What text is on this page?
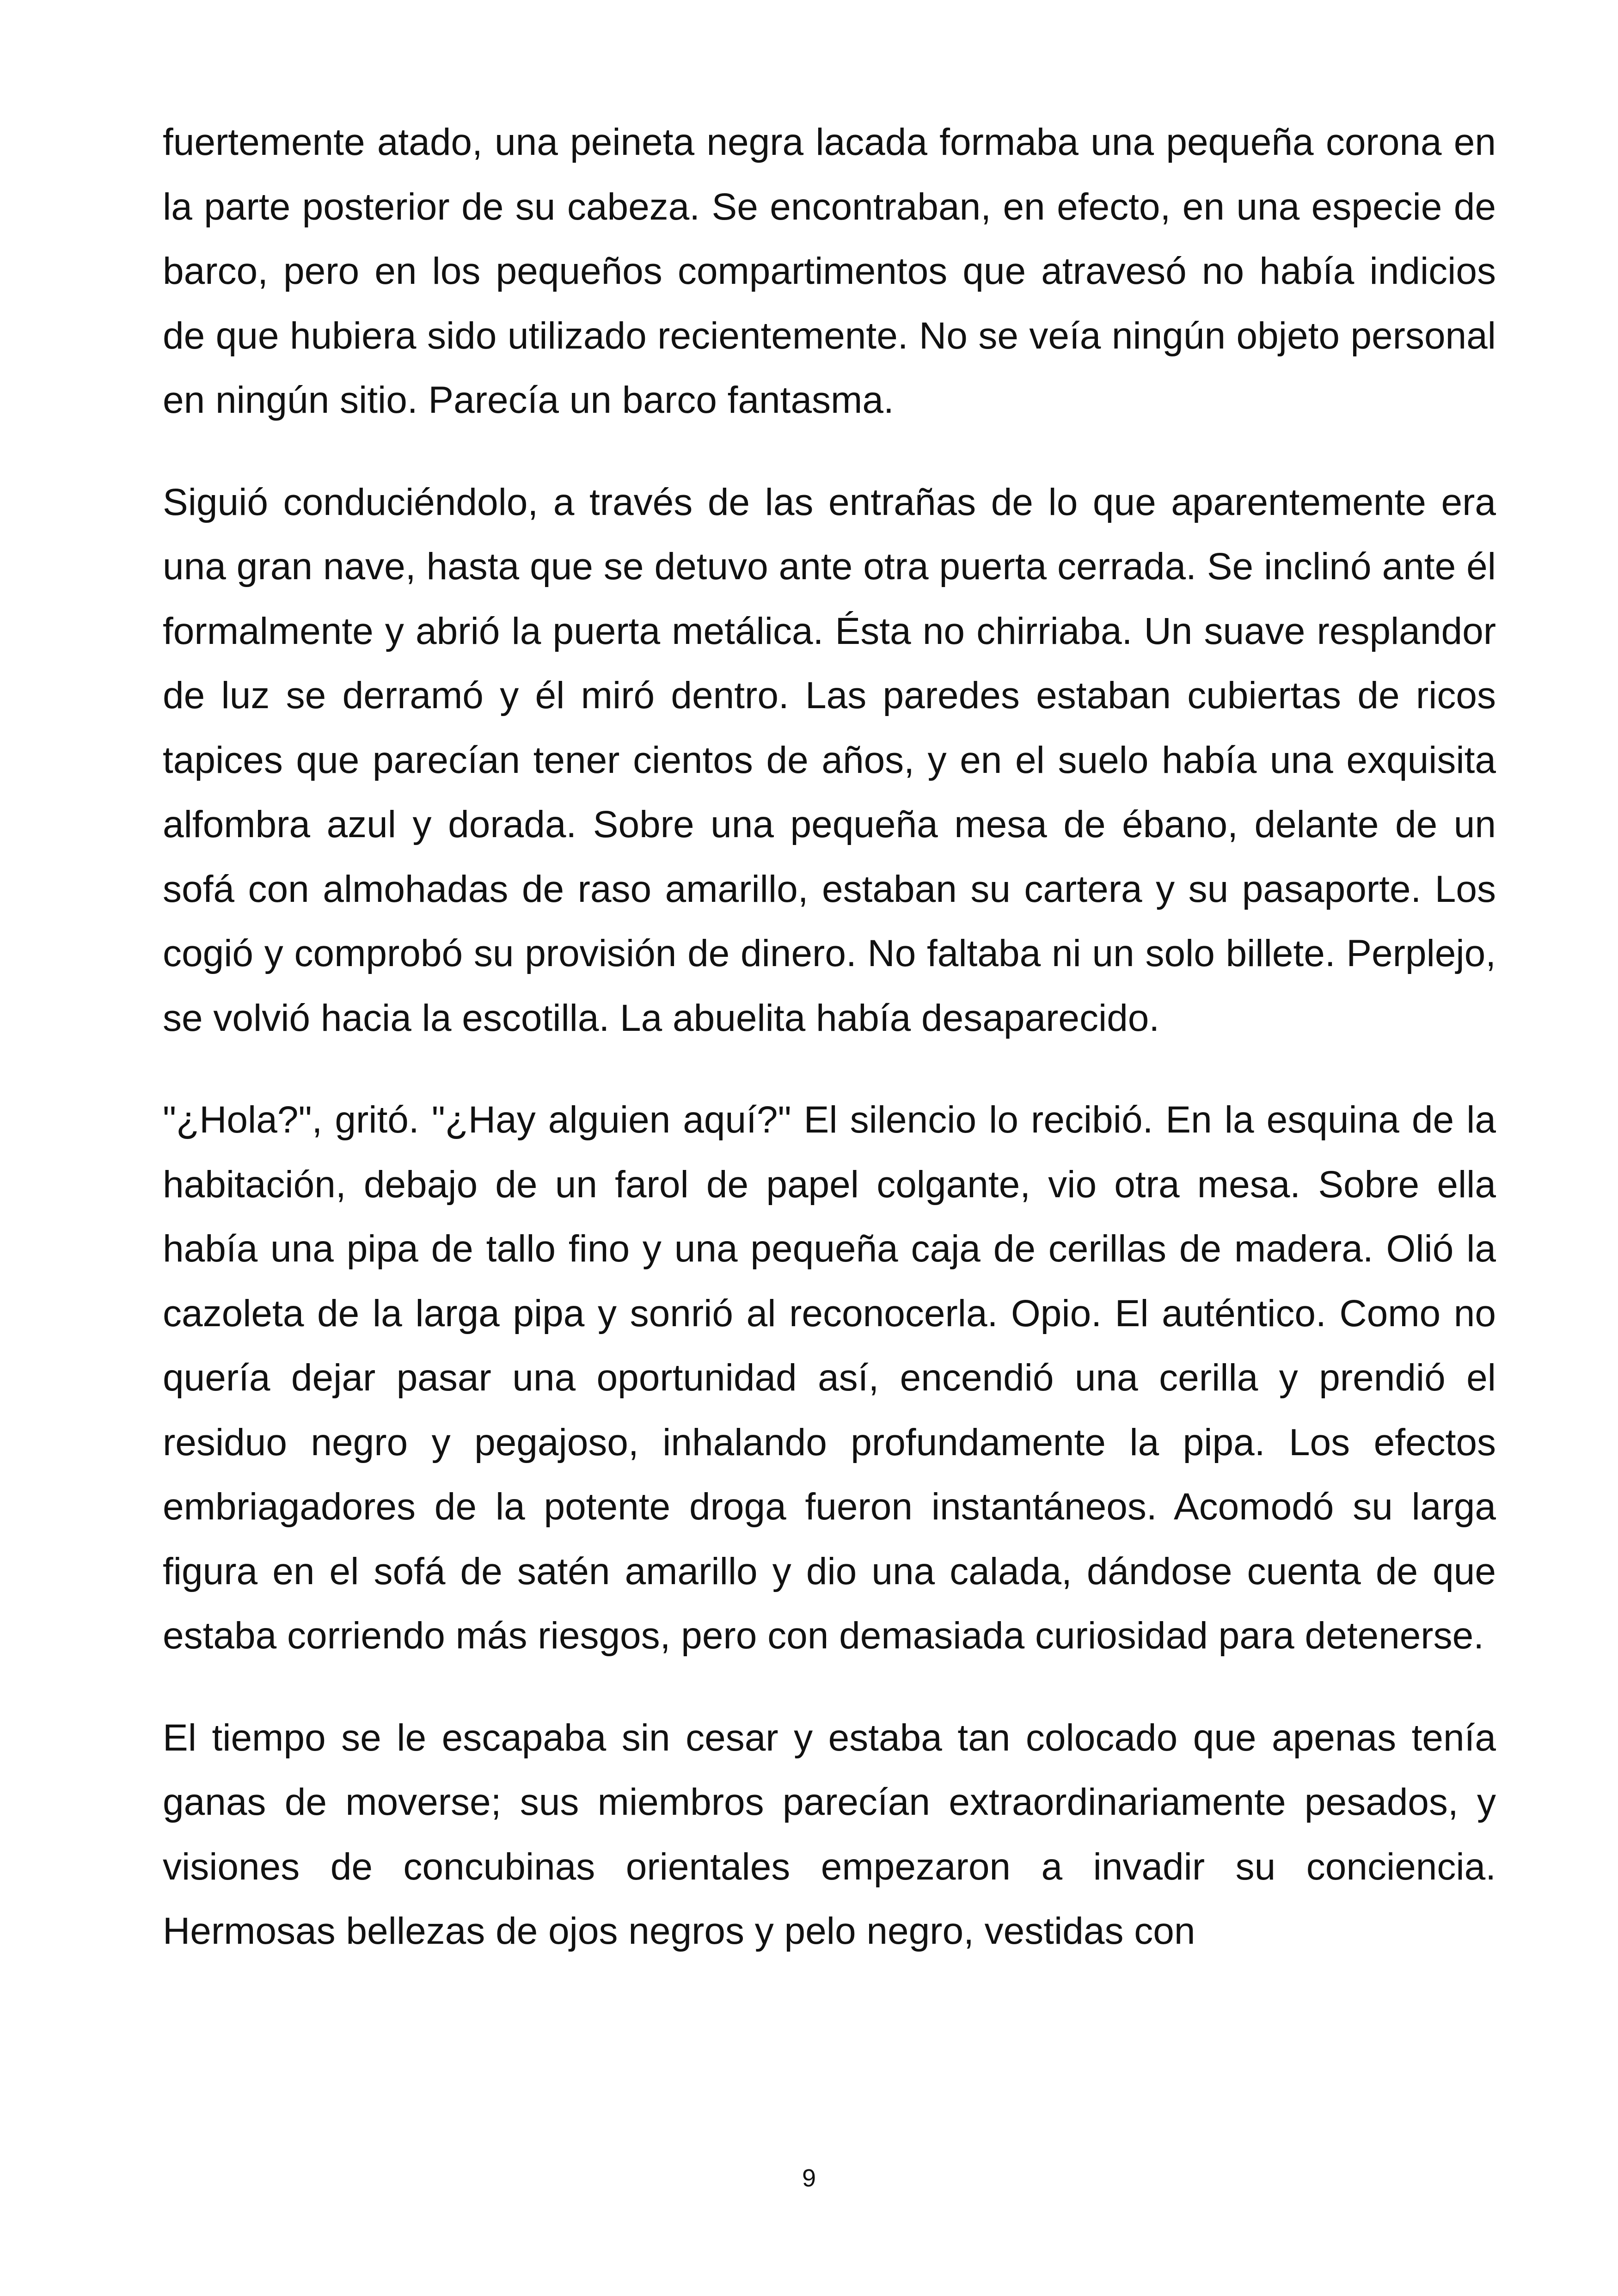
fuertemente atado, una peineta negra lacada formaba una pequeña corona en la parte posterior de su cabeza. Se encontraban, en efecto, en una especie de barco, pero en los pequeños compartimentos que atravesó no había indicios de que hubiera sido utilizado recientemente. No se veía ningún objeto personal en ningún sitio. Parecía un barco fantasma.

Siguió conduciéndolo, a través de las entrañas de lo que aparentemente era una gran nave, hasta que se detuvo ante otra puerta cerrada. Se inclinó ante él formalmente y abrió la puerta metálica. Ésta no chirriaba. Un suave resplandor de luz se derramó y él miró dentro. Las paredes estaban cubiertas de ricos tapices que parecían tener cientos de años, y en el suelo había una exquisita alfombra azul y dorada. Sobre una pequeña mesa de ébano, delante de un sofá con almohadas de raso amarillo, estaban su cartera y su pasaporte. Los cogió y comprobó su provisión de dinero. No faltaba ni un solo billete. Perplejo, se volvió hacia la escotilla. La abuelita había desaparecido.

"¿Hola?", gritó. "¿Hay alguien aquí?" El silencio lo recibió. En la esquina de la habitación, debajo de un farol de papel colgante, vio otra mesa. Sobre ella había una pipa de tallo fino y una pequeña caja de cerillas de madera. Olió la cazoleta de la larga pipa y sonrió al reconocerla. Opio. El auténtico. Como no quería dejar pasar una oportunidad así, encendió una cerilla y prendió el residuo negro y pegajoso, inhalando profundamente la pipa. Los efectos embriagadores de la potente droga fueron instantáneos. Acomodó su larga figura en el sofá de satén amarillo y dio una calada, dándose cuenta de que estaba corriendo más riesgos, pero con demasiada curiosidad para detenerse.

El tiempo se le escapaba sin cesar y estaba tan colocado que apenas tenía ganas de moverse; sus miembros parecían extraordinariamente pesados, y visiones de concubinas orientales empezaron a invadir su conciencia. Hermosas bellezas de ojos negros y pelo negro, vestidas con

9
